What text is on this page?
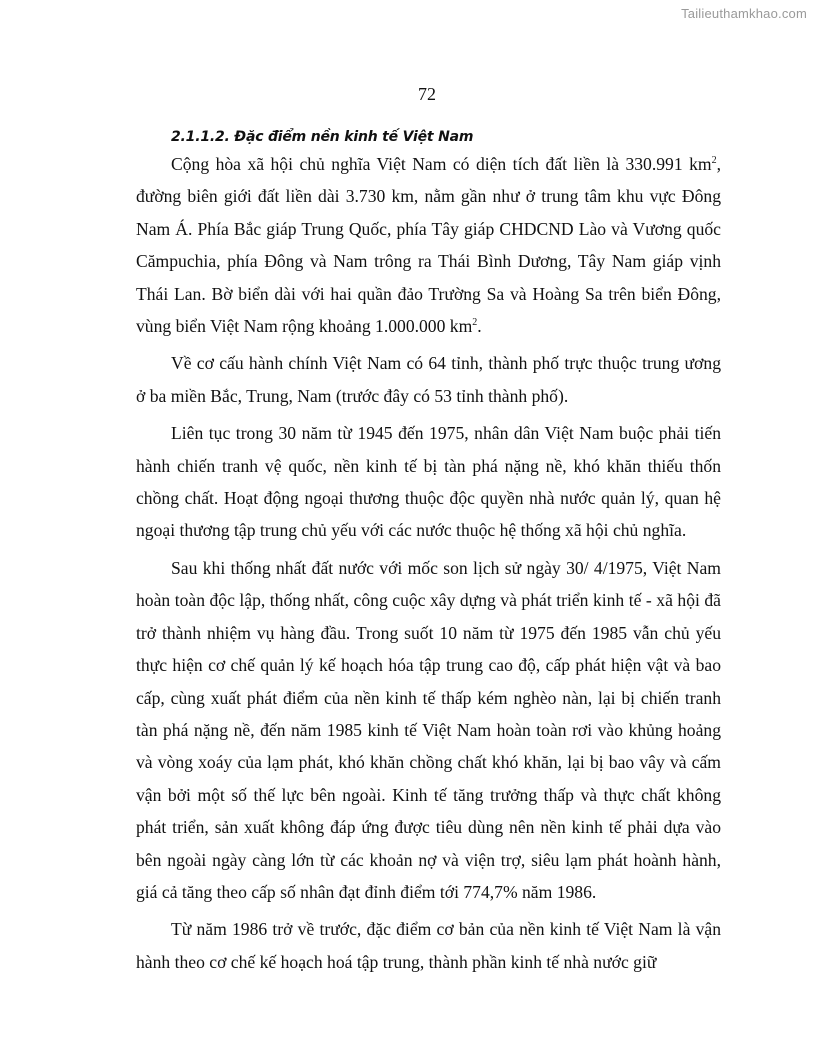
Tailieuthamkhao.com
72
2.1.1.2. Đặc điểm nền kinh tế Việt Nam

Cộng hòa xã hội chủ nghĩa Việt Nam có diện tích đất liền là 330.991 $km^2$, đường biên giới đất liền dài 3.730 km, nằm gần như ở trung tâm khu vực Đông Nam Á. Phía Bắc giáp Trung Quốc, phía Tây giáp CHDCND Lào và Vương quốc Cămpuchia, phía Đông và Nam trông ra Thái Bình Dương, Tây Nam giáp vịnh Thái Lan. Bờ biển dài với hai quần đảo Trường Sa và Hoàng Sa trên biển Đông, vùng biển Việt Nam rộng khoảng 1.000.000 $km^2$.

Về cơ cấu hành chính Việt Nam có 64 tỉnh, thành phố trực thuộc trung ương ở ba miền Bắc, Trung, Nam (trước đây có 53 tỉnh thành phố).

Liên tục trong 30 năm từ 1945 đến 1975, nhân dân Việt Nam buộc phải tiến hành chiến tranh vệ quốc, nền kinh tế bị tàn phá nặng nề, khó khăn thiếu thốn chồng chất. Hoạt động ngoại thương thuộc độc quyền nhà nước quản lý, quan hệ ngoại thương tập trung chủ yếu với các nước thuộc hệ thống xã hội chủ nghĩa.

Sau khi thống nhất đất nước với mốc son lịch sử ngày 30/ 4/1975, Việt Nam hoàn toàn độc lập, thống nhất, công cuộc xây dựng và phát triển kinh tế - xã hội đã trở thành nhiệm vụ hàng đầu. Trong suốt 10 năm từ 1975 đến 1985 vẫn chủ yếu thực hiện cơ chế quản lý kế hoạch hóa tập trung cao độ, cấp phát hiện vật và bao cấp, cùng xuất phát điểm của nền kinh tế thấp kém nghèo nàn, lại bị chiến tranh tàn phá nặng nề, đến năm 1985 kinh tế Việt Nam hoàn toàn rơi vào khủng hoảng và vòng xoáy của lạm phát, khó khăn chồng chất khó khăn, lại bị bao vây và cấm vận bởi một số thế lực bên ngoài. Kinh tế tăng trưởng thấp và thực chất không phát triển, sản xuất không đáp ứng được tiêu dùng nên nền kinh tế phải dựa vào bên ngoài ngày càng lớn từ các khoản nợ và viện trợ, siêu lạm phát hoành hành, giá cả tăng theo cấp số nhân đạt đỉnh điểm tới 774,7% năm 1986.

Từ năm 1986 trở về trước, đặc điểm cơ bản của nền kinh tế Việt Nam là vận hành theo cơ chế kế hoạch hoá tập trung, thành phần kinh tế nhà nước giữ
